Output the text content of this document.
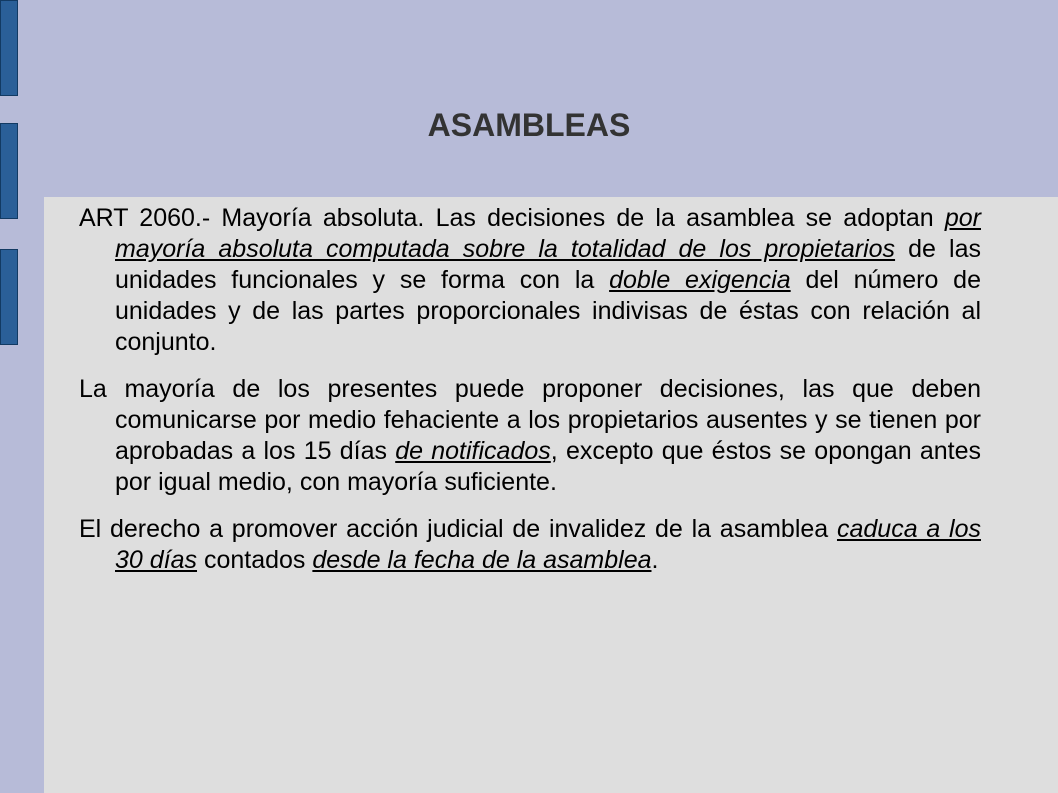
ASAMBLEAS

ART 2060.- Mayoría absoluta. Las decisiones de la asamblea se adoptan por mayoría absoluta computada sobre la totalidad de los propietarios de las unidades funcionales y se forma con la doble exigencia del número de unidades y de las partes proporcionales indivisas de éstas con relación al conjunto.

La mayoría de los presentes puede proponer decisiones, las que deben comunicarse por medio fehaciente a los propietarios ausentes y se tienen por aprobadas a los 15 días de notificados, excepto que éstos se opongan antes por igual medio, con mayoría suficiente.

El derecho a promover acción judicial de invalidez de la asamblea caduca a los 30 días contados desde la fecha de la asamblea.
